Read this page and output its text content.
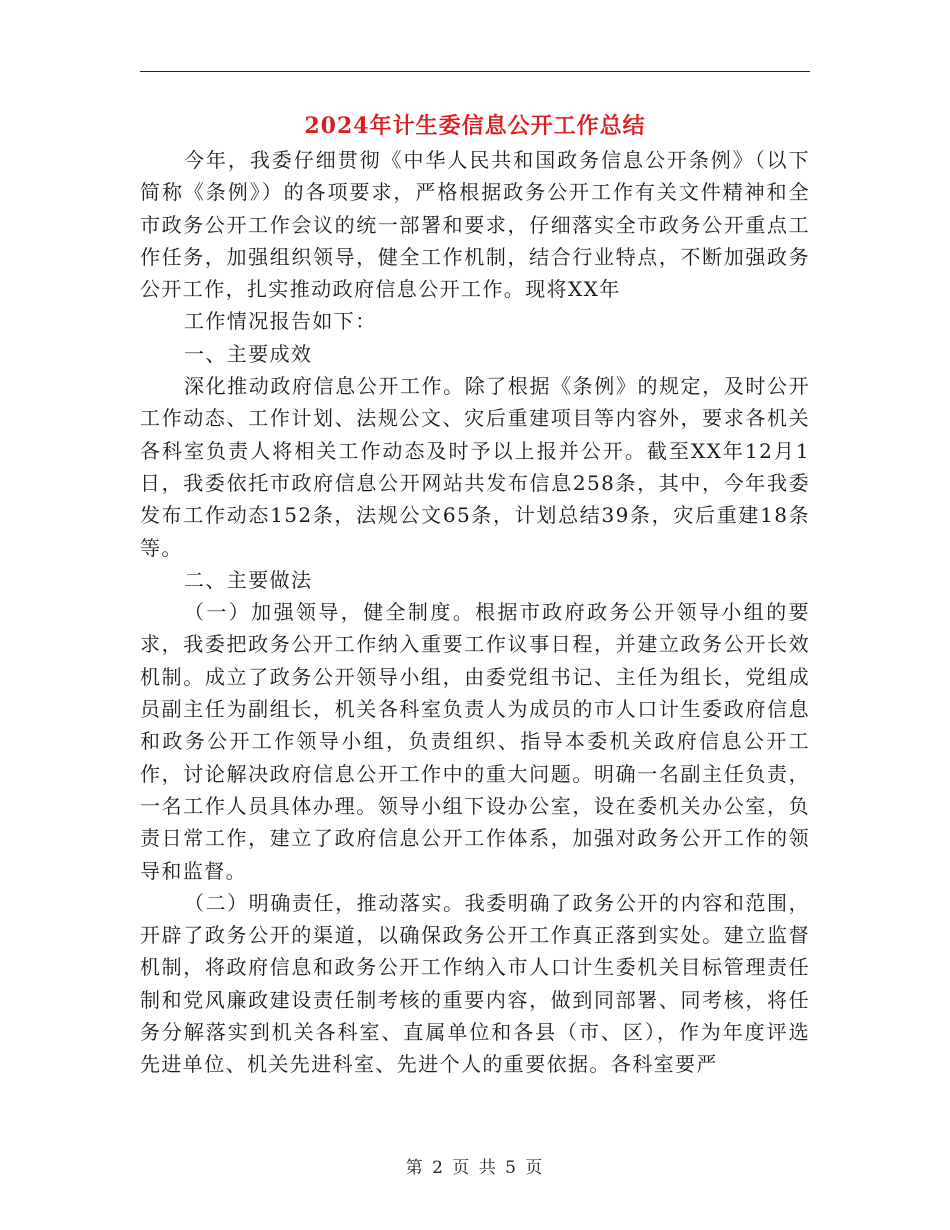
2024年计生委信息公开工作总结

今年，我委仔细贯彻《中华人民共和国政务信息公开条例》（以下简称《条例》）的各项要求，严格根据政务公开工作有关文件精神和全市政务公开工作会议的统一部署和要求，仔细落实全市政务公开重点工作任务，加强组织领导，健全工作机制，结合行业特点，不断加强政务公开工作，扎实推动政府信息公开工作。现将XX年

工作情况报告如下：

一、主要成效

深化推动政府信息公开工作。除了根据《条例》的规定，及时公开工作动态、工作计划、法规公文、灾后重建项目等内容外，要求各机关各科室负责人将相关工作动态及时予以上报并公开。截至XX年12月1日，我委依托市政府信息公开网站共发布信息258条，其中，今年我委发布工作动态152条，法规公文65条，计划总结39条，灾后重建18条等。

二、主要做法

（一）加强领导，健全制度。根据市政府政务公开领导小组的要求，我委把政务公开工作纳入重要工作议事日程，并建立政务公开长效机制。成立了政务公开领导小组，由委党组书记、主任为组长，党组成员副主任为副组长，机关各科室负责人为成员的市人口计生委政府信息和政务公开工作领导小组，负责组织、指导本委机关政府信息公开工作，讨论解决政府信息公开工作中的重大问题。明确一名副主任负责，一名工作人员具体办理。领导小组下设办公室，设在委机关办公室，负责日常工作，建立了政府信息公开工作体系，加强对政务公开工作的领导和监督。

（二）明确责任，推动落实。我委明确了政务公开的内容和范围，开辟了政务公开的渠道，以确保政务公开工作真正落到实处。建立监督机制，将政府信息和政务公开工作纳入市人口计生委机关目标管理责任制和党风廉政建设责任制考核的重要内容，做到同部署、同考核，将任务分解落实到机关各科室、直属单位和各县（市、区），作为年度评选先进单位、机关先进科室、先进个人的重要依据。各科室要严

第 2 页 共 5 页
